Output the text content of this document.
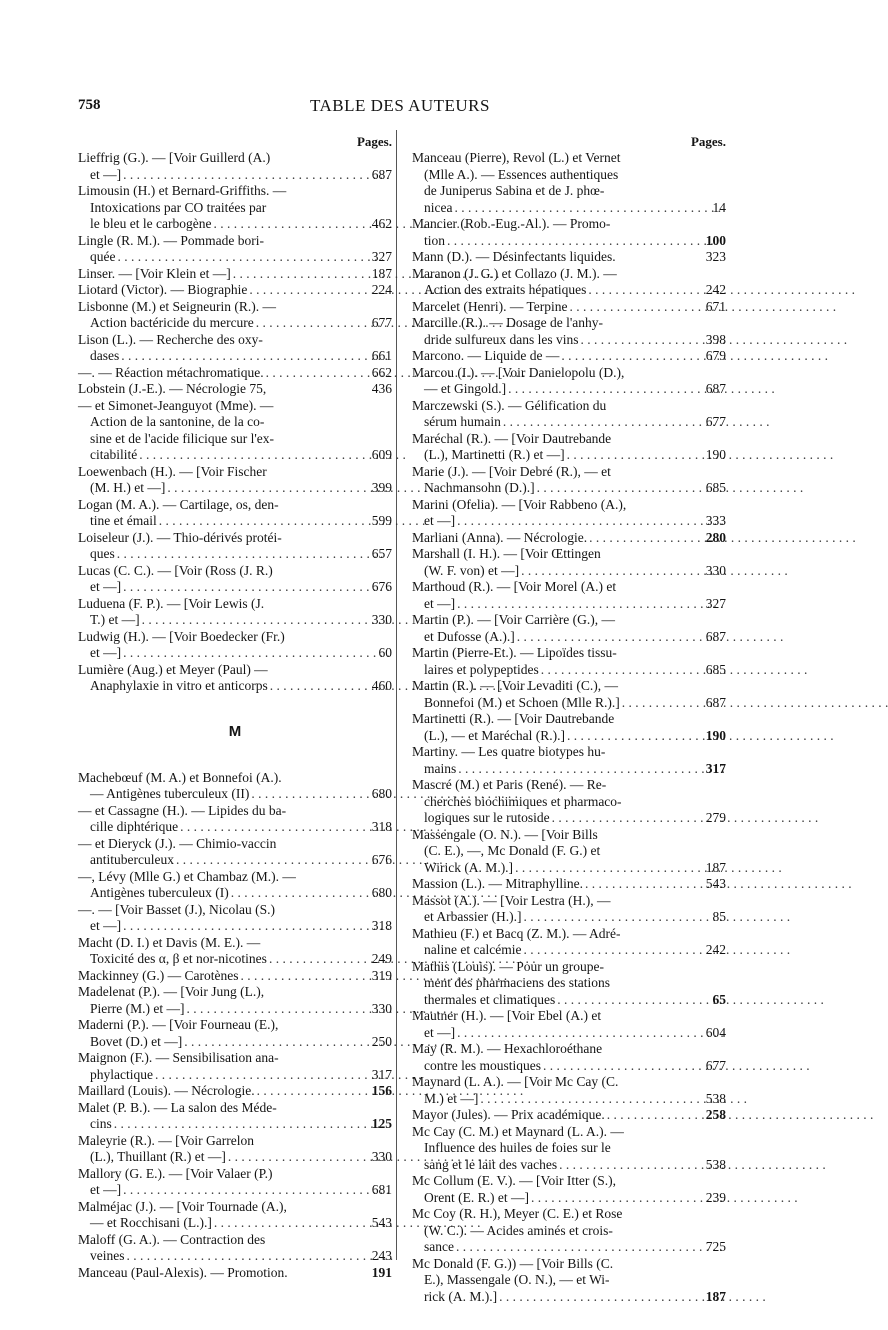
758	TABLE DES AUTEURS
Pages.
Lieffrig (G.). — [Voir Guillerd (A.)
et —] . . .	687
Limousin (H.) et Bernard-Griffiths. —
Intoxications par CO traitées par
le bleu et le carbogène . . .	462
Lingle (R. M.). — Pommade bori-
quée . . .	327
Linser. — [Voir Klein et —] . . .	187
Liotard (Victor). — Biographie . . .	224
Lisbonne (M.) et Seigneurin (R.). —
Action bactéricide du mercure . . .	677
Lison (L.). — Recherche des oxy-
dases . . .	661
—. — Réaction métachromatique. . . .	662
Lobstein (J.-E.). — Nécrologie 75,	436
— et Simonet-Jeanguyot (Mme). —
Action de la santonine, de la co-
sine et de l'acide filicique sur l'ex-
citabilité . . .	609
Loewenbach (H.). — [Voir Fischer
(M. H.) et —] . . .	399
Logan (M. A.). — Cartilage, os, den-
tine et émail . . .	599
Loiseleur (J.). — Thio-dérivés protéi-
ques . . .	657
Lucas (C. C.). — [Voir (Ross (J. R.)
et —] . . .	676
Luduena (F. P.). — [Voir Lewis (J.
T.) et —] . . .	330
Ludwig (H.). — [Voir Boedecker (Fr.)
et —] . . .	60
Lumière (Aug.) et Meyer (Paul) —
Anaphylaxie in vitro et anticorps . . .	460
M
Machebœuf (M. A.) et Bonnefoi (A.).
— Antigènes tuberculeux (II) . . .	680
— et Cassagne (H.). — Lipides du ba-
cille diphtérique . . .	318
— et Dieryck (J.). — Chimio-vaccin
antituberculeux . . .	676
—, Lévy (Mlle G.) et Chambaz (M.). —
Antigènes tuberculeux (I) . . .	680
—. — [Voir Basset (J.), Nicolau (S.)
et —] . . .	318
Macht (D. I.) et Davis (M. E.). —
Toxicité des α, β et nor-nicotines . . .	249
Mackinney (G.) — Carotènes . . .	319
Madelenat (P.). — [Voir Jung (L.),
Pierre (M.) et —] . . .	330
Maderni (P.). — [Voir Fourneau (E.),
Bovet (D.) et —] . . .	250
Maignon (F.). — Sensibilisation ana-
phylactique . . .	317
Maillard (Louis). — Nécrologie. . . .	156
Malet (P. B.). — La salon des Méde-
cins . . .	125
Maleyrie (R.). — [Voir Garrelon
(L.), Thuillant (R.) et —] . . .	330
Mallory (G. E.). — [Voir Valaer (P.)
et —] . . .	681
Malméjac (J.). — [Voir Tournade (A.),
— et Rocchisani (L.).] . . .	543
Maloff (G. A.). — Contraction des
veines . . .	243
Manceau (Paul-Alexis). — Promotion.	191
Pages.
Manceau (Pierre), Revol (L.) et Vernet
(Mlle A.). — Essences authentiques
de Juniperus Sabina et de J. phœ-
nicea . . .	14
Mancier (Rob.-Eug.-Al.). — Promo-
tion . . .	100
Mann (D.). — Désinfectants liquides.	323
Maranon (J. G.) et Collazo (J. M.). —
Action des extraits hépatiques . . .	242
Marcelet (Henri). — Terpine . . .	671
Marcille (R.). — Dosage de l'anhy-
dride sulfureux dans les vins . . .	398
Marcono. — Liquide de — . . .	679
Marcou (I.). — [Voir Danielopolu (D.),
— et Gingold.] . . .	687
Marczewski (S.). — Gélification du
sérum humain . . .	677
Maréchal (R.). — [Voir Dautrebande
(L.), Martinetti (R.) et —] . . .	190
Marie (J.). — [Voir Debré (R.), — et
Nachmansohn (D.).] . . .	685
Marini (Ofelia). — [Voir Rabbeno (A.),
et —] . . .	333
Marliani (Anna). — Nécrologie. . . .	280
Marshall (I. H.). — [Voir Œttingen
(W. F. von) et —] . . .	330
Marthoud (R.). — [Voir Morel (A.) et
et —] . . .	327
Martin (P.). — [Voir Carrière (G.), —
et Dufosse (A.).] . . .	687
Martin (Pierre-Et.). — Lipoïdes tissu-
laires et polypeptides . . .	685
Martin (R.). — [Voir Levaditi (C.), —
Bonnefoi (M.) et Schoen (Mlle R.).] . . .	687
Martinetti (R.). — [Voir Dautrebande
(L.), — et Maréchal (R.).] . . .	190
Martiny. — Les quatre biotypes hu-
mains . . .	317
Mascré (M.) et Paris (René). — Re-
cherches biochimiques et pharmaco-
logiques sur le rutoside . . .	279
Massengale (O. N.). — [Voir Bills
(C. E.), —, Mc Donald (F. G.) et
Wirick (A. M.).] . . .	187
Massion (L.). — Mitraphylline. . . .	543
Massot (A.). — [Voir Lestra (H.), —
et Arbassier (H.).] . . .	85
Mathieu (F.) et Bacq (Z. M.). — Adré-
naline et calcémie . . .	242
Mathis (Louis). — Pour un groupe-
ment des pharmaciens des stations
thermales et climatiques . . .	65
Mautner (H.). — [Voir Ebel (A.) et
et —] . . .	604
May (R. M.). — Hexachloroéthane
contre les moustiques . . .	677
Maynard (L. A.). — [Voir Mc Cay (C.
M.) et —] . . .	538
Mayor (Jules). — Prix académique. . . .	258
Mc Cay (C. M.) et Maynard (L. A.). —
Influence des huiles de foies sur le
sang et le lait des vaches . . .	538
Mc Collum (E. V.). — [Voir Itter (S.),
Orent (E. R.) et —] . . .	239
Mc Coy (R. H.), Meyer (C. E.) et Rose
(W. C.). — Acides aminés et crois-
sance . . .	725
Mc Donald (F. G.)) — [Voir Bills (C.
E.), Massengale (O. N.), — et Wi-
rick (A. M.).] . . .	187
